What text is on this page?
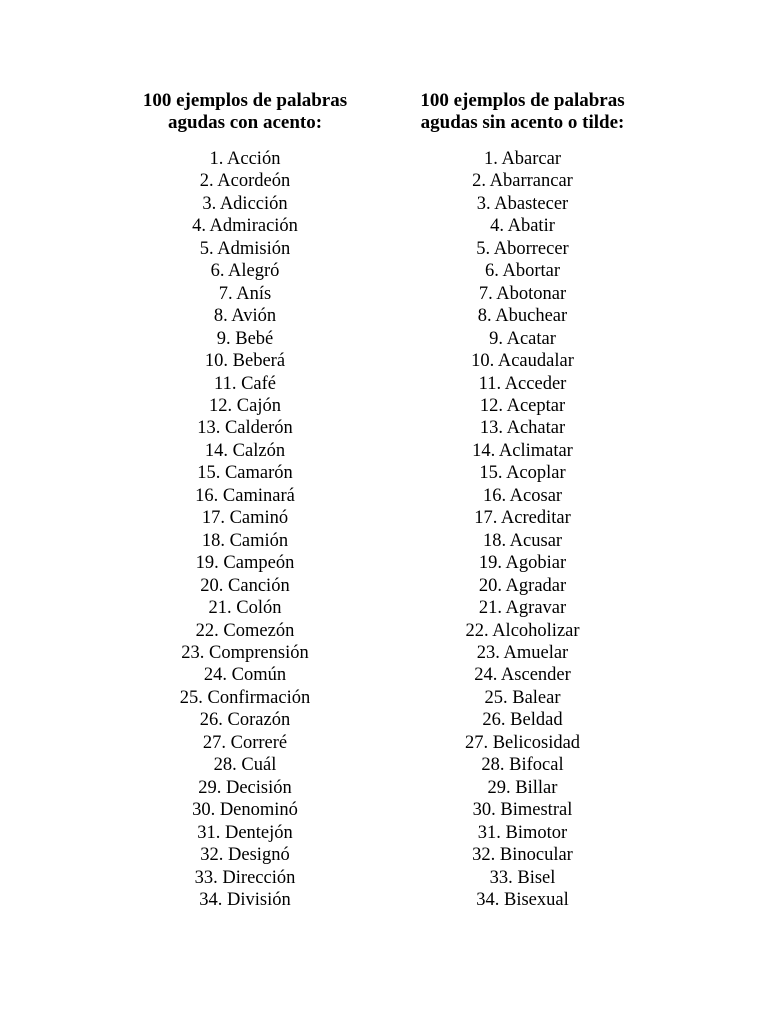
100 ejemplos de palabras
agudas con acento:
1. Acción
2. Acordeón
3. Adicción
4. Admiración
5. Admisión
6. Alegró
7. Anís
8. Avión
9. Bebé
10. Beberá
11. Café
12. Cajón
13. Calderón
14. Calzón
15. Camarón
16. Caminará
17. Caminó
18. Camión
19. Campeón
20. Canción
21. Colón
22. Comezón
23. Comprensión
24. Común
25. Confirmación
26. Corazón
27. Correré
28. Cuál
29. Decisión
30. Denominó
31. Dentejón
32. Designó
33. Dirección
34. División
100 ejemplos de palabras
agudas sin acento o tilde:
1. Abarcar
2. Abarrancar
3. Abastecer
4. Abatir
5. Aborrecer
6. Abortar
7. Abotonar
8. Abuchear
9. Acatar
10. Acaudalar
11. Acceder
12. Aceptar
13. Achatar
14. Aclimatar
15. Acoplar
16. Acosar
17. Acreditar
18. Acusar
19. Agobiar
20. Agradar
21. Agravar
22. Alcoholizar
23. Amuelar
24. Ascender
25. Balear
26. Beldad
27. Belicosidad
28. Bifocal
29. Billar
30. Bimestral
31. Bimotor
32. Binocular
33. Bisel
34. Bisexual
